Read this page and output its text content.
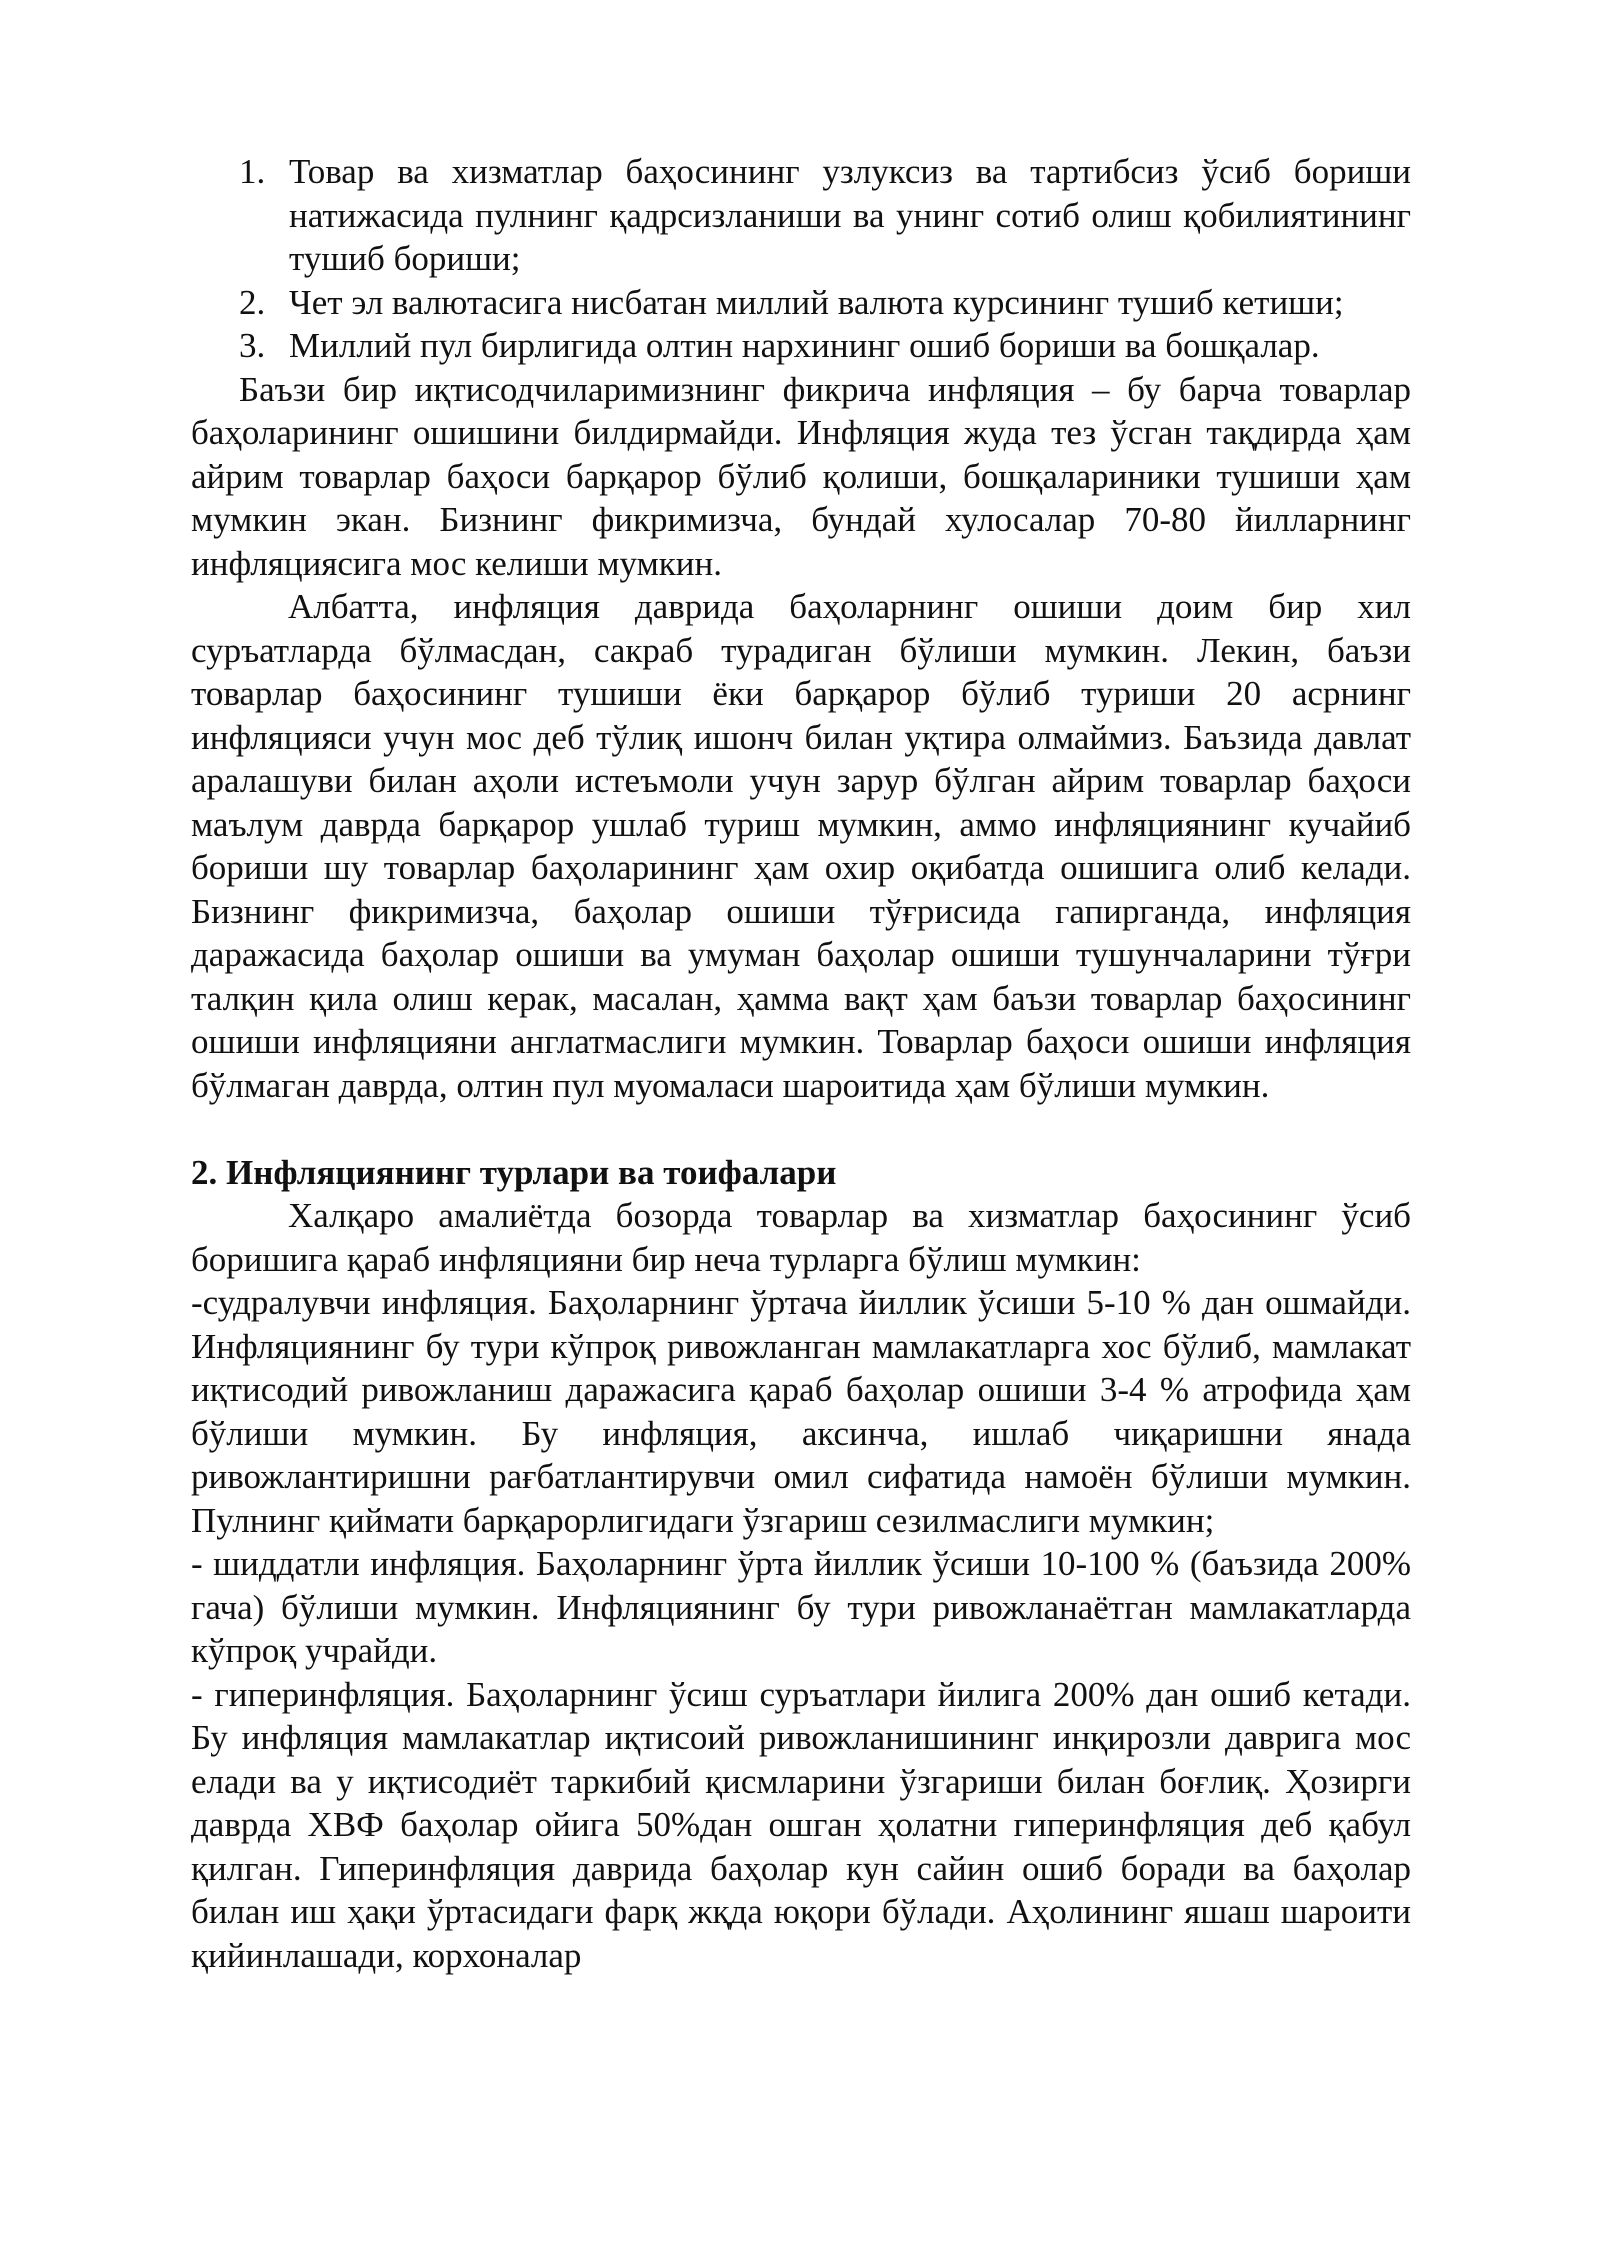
1. Товар ва хизматлар баҳосининг узлуксиз ва тартибсиз ўсиб бориши натижасида пулнинг қадрсизланиши ва унинг сотиб олиш қобилиятининг тушиб бориши;
2. Чет эл валютасига нисбатан миллий валюта курсининг тушиб кетиши;
3. Миллий пул бирлигида олтин нархининг ошиб бориши ва бошқалар.

Баъзи бир иқтисодчиларимизнинг фикрича инфляция – бу барча товарлар баҳоларининг ошишини билдирмайди. Инфляция жуда тез ўсган тақдирда ҳам айрим товарлар баҳоси барқарор бўлиб қолиши, бошқалариники тушиши ҳам мумкин экан. Бизнинг фикримизча, бундай хулосалар 70-80 йилларнинг инфляциясига мос келиши мумкин.

Албатта, инфляция даврида баҳоларнинг ошиши доим бир хил суръатларда бўлмасдан, сакраб турадиган бўлиши мумкин. Лекин, баъзи товарлар баҳосининг тушиши ёки барқарор бўлиб туриши 20 асрнинг инфляцияси учун мос деб тўлиқ ишонч билан уқтира олмаймиз. Баъзида давлат аралашуви билан аҳоли истеъмоли учун зарур бўлган айрим товарлар баҳоси маълум даврда барқарор ушлаб туриш мумкин, аммо инфляциянинг кучайиб бориши шу товарлар баҳоларининг ҳам охир оқибатда ошишига олиб келади. Бизнинг фикримизча, баҳолар ошиши тўғрисида гапирганда, инфляция даражасида баҳолар ошиши ва умуман баҳолар ошиши тушунчаларини тўғри талқин қила олиш керак, масалан, ҳамма вақт ҳам баъзи товарлар баҳосининг ошиши инфляцияни англатмаслиги мумкин. Товарлар баҳоси ошиши инфляция бўлмаган даврда, олтин пул муомаласи шароитида ҳам бўлиши мумкин.

2. Инфляциянинг турлари ва тоифалари

Халқаро амалиётда бозорда товарлар ва хизматлар баҳосининг ўсиб боришига қараб инфляцияни бир неча турларга бўлиш мумкин:

-судралувчи инфляция. Баҳоларнинг ўртача йиллик ўсиши 5-10 % дан ошмайди. Инфляциянинг бу тури кўпроқ ривожланган мамлакатларга хос бўлиб, мамлакат иқтисодий ривожланиш даражасига қараб баҳолар ошиши 3-4 % атрофида ҳам бўлиши мумкин. Бу инфляция, аксинча, ишлаб чиқаришни янада ривожлантиришни рағбатлантирувчи омил сифатида намоён бўлиши мумкин. Пулнинг қиймати барқарорлигидаги ўзгариш сезилмаслиги мумкин;

- шиддатли инфляция. Баҳоларнинг ўрта йиллик ўсиши 10-100 % (баъзида 200% гача) бўлиши мумкин. Инфляциянинг бу тури ривожланаётган мамлакатларда кўпроқ учрайди.

- гиперинфляция. Баҳоларнинг ўсиш суръатлари йилига 200% дан ошиб кетади. Бу инфляция мамлакатлар иқтисоий ривожланишининг инқирозли даврига мос елади ва у иқтисодиёт таркибий қисмларини ўзгариши билан боғлиқ. Ҳозирги даврда ХВФ баҳолар ойига 50%дан ошган ҳолатни гиперинфляция деб қабул қилган. Гиперинфляция даврида баҳолар кун сайин ошиб боради ва баҳолар билан иш ҳақи ўртасидаги фарқ жқда юқори бўлади. Аҳолининг яшаш шароити қийинлашади, корхоналар
